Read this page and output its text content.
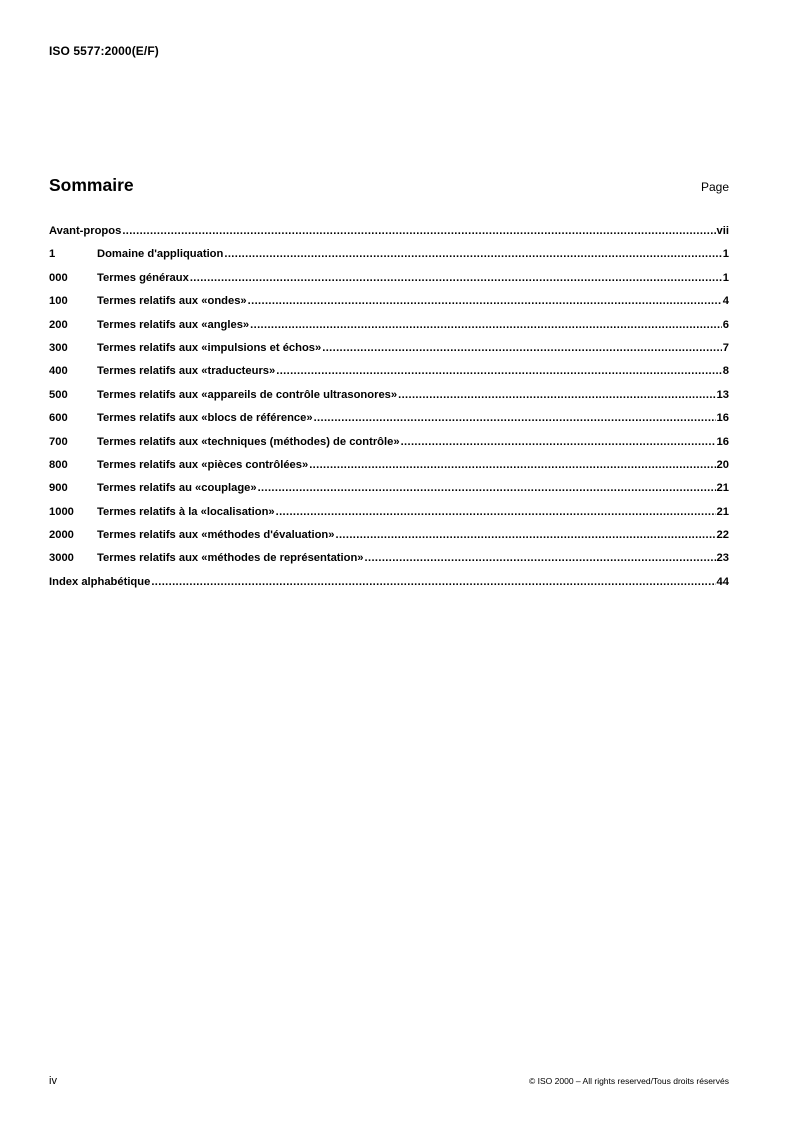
ISO 5577:2000(E/F)
Sommaire	Page
Avant-propos .....	vii
1	Domaine d'appliquation .....	1
000	Termes généraux .....	1
100	Termes relatifs aux «ondes» .....	4
200	Termes relatifs aux «angles» .....	6
300	Termes relatifs aux «impulsions et échos» .....	7
400	Termes relatifs aux «traducteurs» .....	8
500	Termes relatifs aux «appareils de contrôle ultrasonores» .....	13
600	Termes relatifs aux «blocs de référence» .....	16
700	Termes relatifs aux «techniques (méthodes) de contrôle» .....	16
800	Termes relatifs aux «pièces contrôlées» .....	20
900	Termes relatifs au «couplage» .....	21
1000	Termes relatifs à la «localisation» .....	21
2000	Termes relatifs aux «méthodes d'évaluation» .....	22
3000	Termes relatifs aux «méthodes de représentation» .....	23
Index alphabétique .....	44
iv	© ISO 2000 – All rights reserved/Tous droits réservés
